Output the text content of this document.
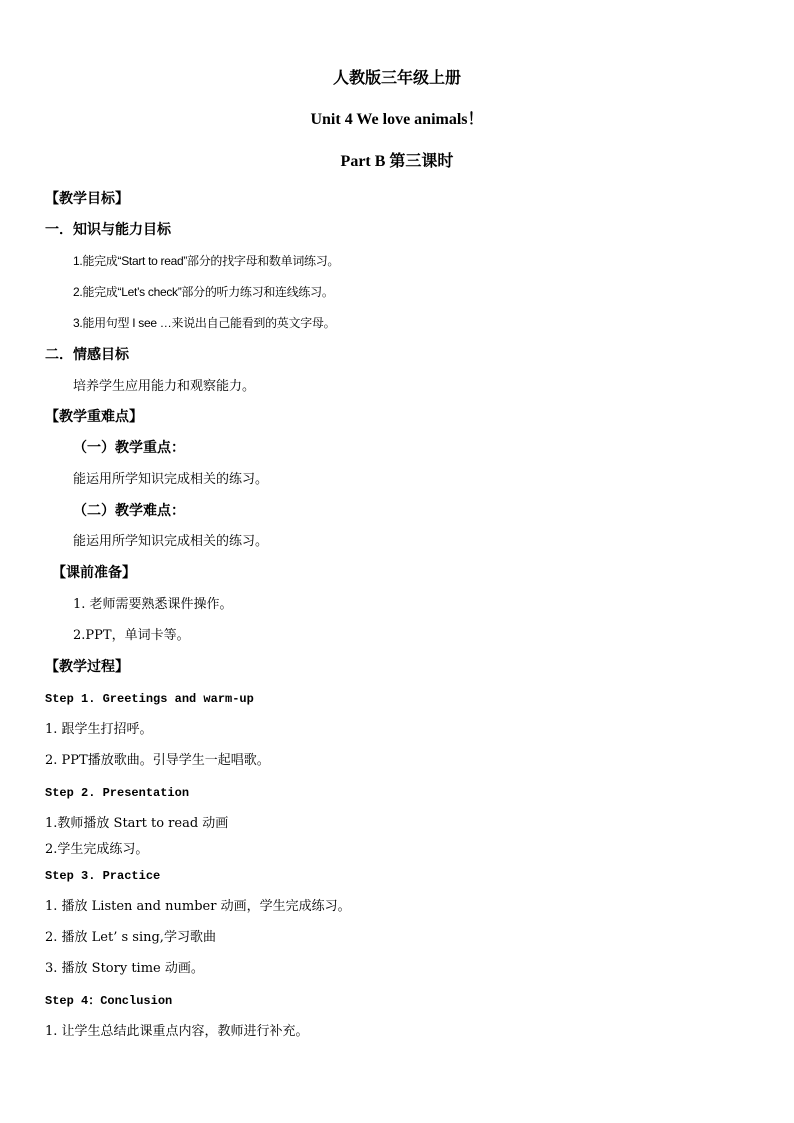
人教版三年级上册
Unit 4 We love animals！
Part B 第三课时
【教学目标】
一．知识与能力目标
1.能完成“Start to read”部分的找字母和数单词练习。
2.能完成“Let’s check”部分的听力练习和连线练习。
3.能用句型 I see …来说出自己能看到的英文字母。
二．情感目标
培养学生应用能力和观察能力。
【教学重难点】
（一）教学重点：
能运用所学知识完成相关的练习。
（二）教学难点：
能运用所学知识完成相关的练习。
【课前准备】
1. 老师需要熟悉课件操作。
2.PPT，单词卡等。
【教学过程】
Step 1. Greetings and warm-up
1. 跟学生打招呼。
2. PPT播放歌曲。引导学生一起唱歌。
Step 2. Presentation
1.教师播放 Start to read 动画
2.学生完成练习。
Step 3. Practice
1. 播放 Listen and number 动画，学生完成练习。
2. 播放 Let’ s sing,学习歌曲
3. 播放 Story time 动画。
Step 4：Conclusion
1. 让学生总结此课重点内容，教师进行补充。
